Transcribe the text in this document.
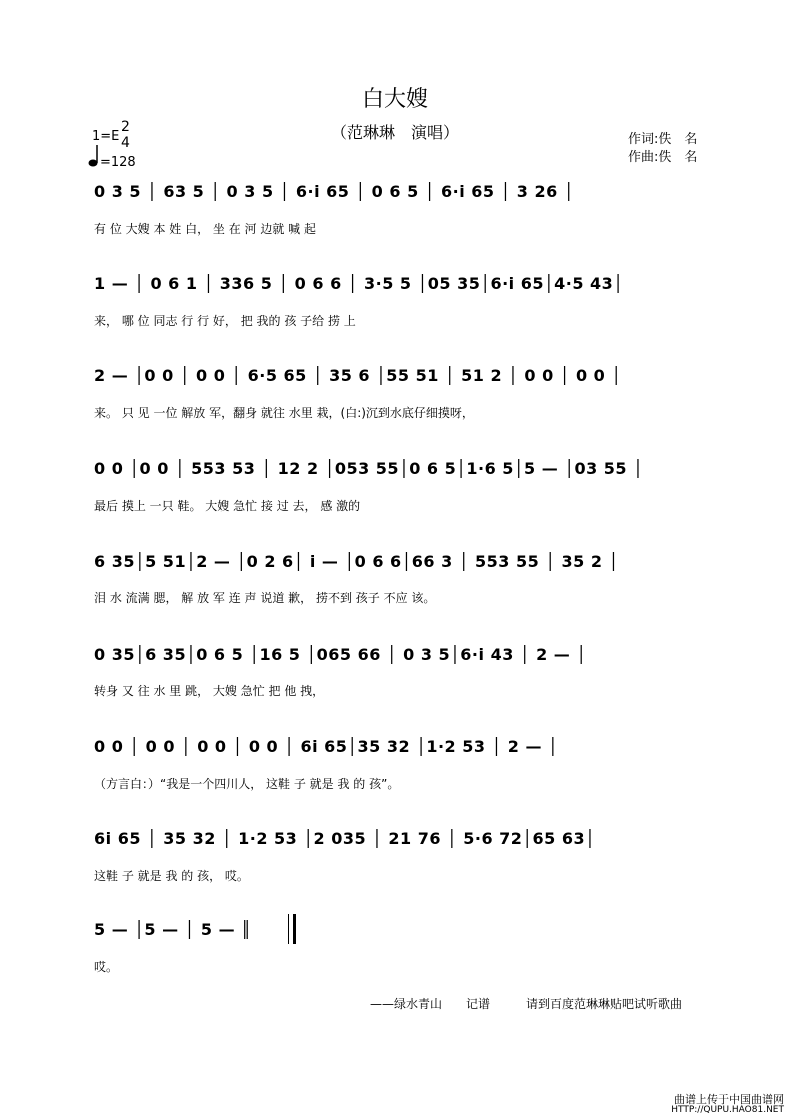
白大嫂
（范琳琳　演唱）
1=E
2
4
=128
作词:佚　名
作曲:佚　名
0 3 5 │ 63 5 │ 0 3 5 │ 6·i 65 │ 0 6 5 │ 6·i 65 │ 3 26 │
有 位 大嫂 本 姓 白， 坐 在 河 边就 喊 起
1 — │ 0 6 1 │ 336 5 │ 0 6 6 │ 3·5 5 │05 35│6·i 65│4·5 43│
来， 哪 位 同志 行 行 好， 把 我的 孩 子给 捞 上
2 — │0 0 │ 0 0 │ 6·5 65 │ 35 6 │55 51 │ 51 2 │ 0 0 │ 0 0 │
来。 只 见 一位 解放 军，翻身 就往 水里 栽，(白:)沉到水底仔细摸呀，
0 0 │0 0 │ 553 53 │ 12 2 │053 55│0 6 5│1·6 5│5 — │03 55 │
最后 摸上 一只 鞋。 大嫂 急忙 接 过 去， 感 激的
6 35│5 51│2 — │0 2 6│ i — │0 6 6│66 3 │ 553 55 │ 35 2 │
泪 水 流满 腮， 解 放 军 连 声 说道 歉， 捞不到 孩子 不应 该。
0 35│6 35│0 6 5 │16 5 │065 66 │ 0 3 5│6·i 43 │ 2 — │
转身 又 往 水 里 跳， 大嫂 急忙 把 他 拽，
0 0 │ 0 0 │ 0 0 │ 0 0 │ 6i 65│35 32 │1·2 53 │ 2 — │
（方言白：）“我是一个四川人， 这鞋 子 就是 我 的 孩”。
6i 65 │ 35 32 │ 1·2 53 │2 035 │ 21 76 │ 5·6 72│65 63│
这鞋 子 就是 我 的 孩， 哎。
5 — │5 — │ 5 — ║
哎。
——绿水青山　　记谱　　　请到百度范琳琳贴吧试听歌曲
曲谱上传于中国曲谱网
HTTP://QUPU.HAO81.NET
